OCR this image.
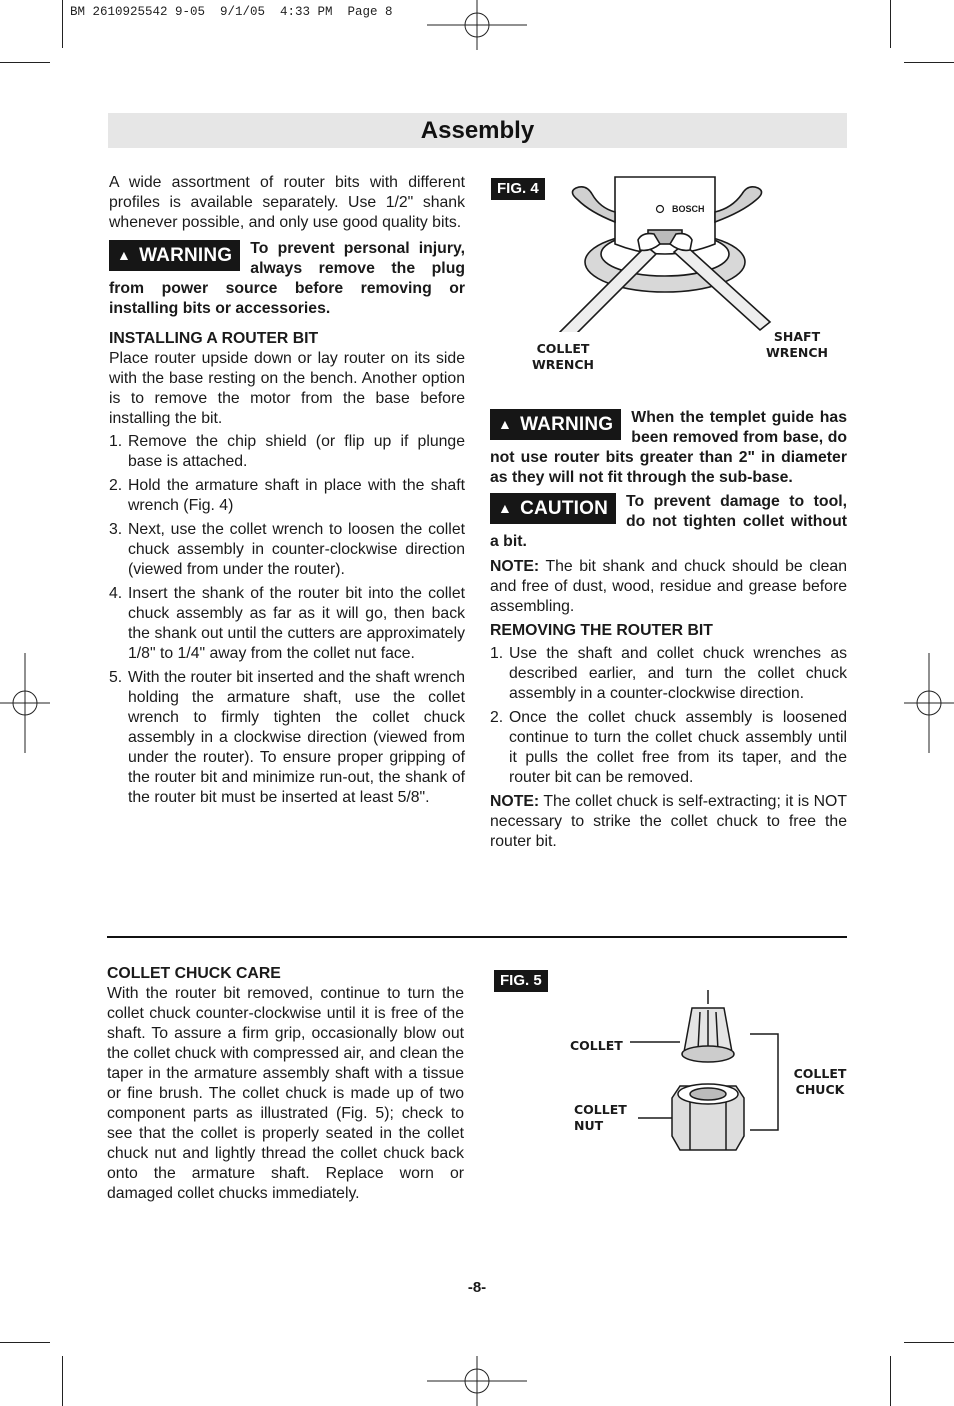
BM 2610925542 9-05  9/1/05  4:33 PM  Page 8
Assembly

A wide assortment of router bits with different profiles is available separately. Use 1/2" shank whenever possible, and only use good quality bits.

▲ WARNING	To prevent personal injury, always remove the plug from power source before removing or installing bits or accessories.

INSTALLING A ROUTER BIT

Place router upside down or lay router on its side with the base resting on the bench. Another option is to remove the motor from the base before installing the bit.

1. Remove the chip shield (or flip up if plunge base is attached.
2. Hold the armature shaft in place with the shaft wrench (Fig. 4)
3. Next, use the collet wrench to loosen the collet chuck assembly in counter-clockwise direction (viewed from under the router).
4. Insert the shank of the router bit into the collet chuck assembly as far as it will go, then back the shank out until the cutters are approximately 1/8" to 1/4" away from the collet nut face.
5. With the router bit inserted and the shaft wrench holding the armature shaft, use the collet wrench to firmly tighten the collet chuck assembly in a clockwise direction (viewed from under the router). To ensure proper gripping of the router bit and minimize run-out, the shank of the router bit must be inserted at least 5/8".
FIG. 4
BOSCH
COLLET
WRENCH
SHAFT
WRENCH
▲ WARNING	When the templet guide has been removed from base, do not use router bits greater than 2" in diameter as they will not fit through the sub-base.
▲ CAUTION	To prevent damage to tool, do not tighten collet without a bit.

NOTE: The bit shank and chuck should be clean and free of dust, wood, residue and grease before assembling.

REMOVING THE ROUTER BIT

1. Use the shaft and collet chuck wrenches as described earlier, and turn the collet chuck assembly in a counter-clockwise direction.
2. Once the collet chuck assembly is loosened continue to turn the collet chuck assembly until it pulls the collet free from its taper, and the router bit can be removed.

NOTE: The collet chuck is self-extracting; it is NOT necessary to strike the collet chuck to free the router bit.

COLLET CHUCK CARE

With the router bit removed, continue to turn the collet chuck counter-clockwise until it is free of the shaft. To assure a firm grip, occasionally blow out the collet chuck with compressed air, and clean the taper in the armature assembly shaft with a tissue or fine brush. The collet chuck is made up of two component parts as illustrated (Fig. 5); check to see that the collet is properly seated in the collet chuck nut and lightly thread the collet chuck back onto the armature shaft. Replace worn or damaged collet chucks immediately.

FIG. 5
COLLET
COLLET
NUT
COLLET
CHUCK
-8-
